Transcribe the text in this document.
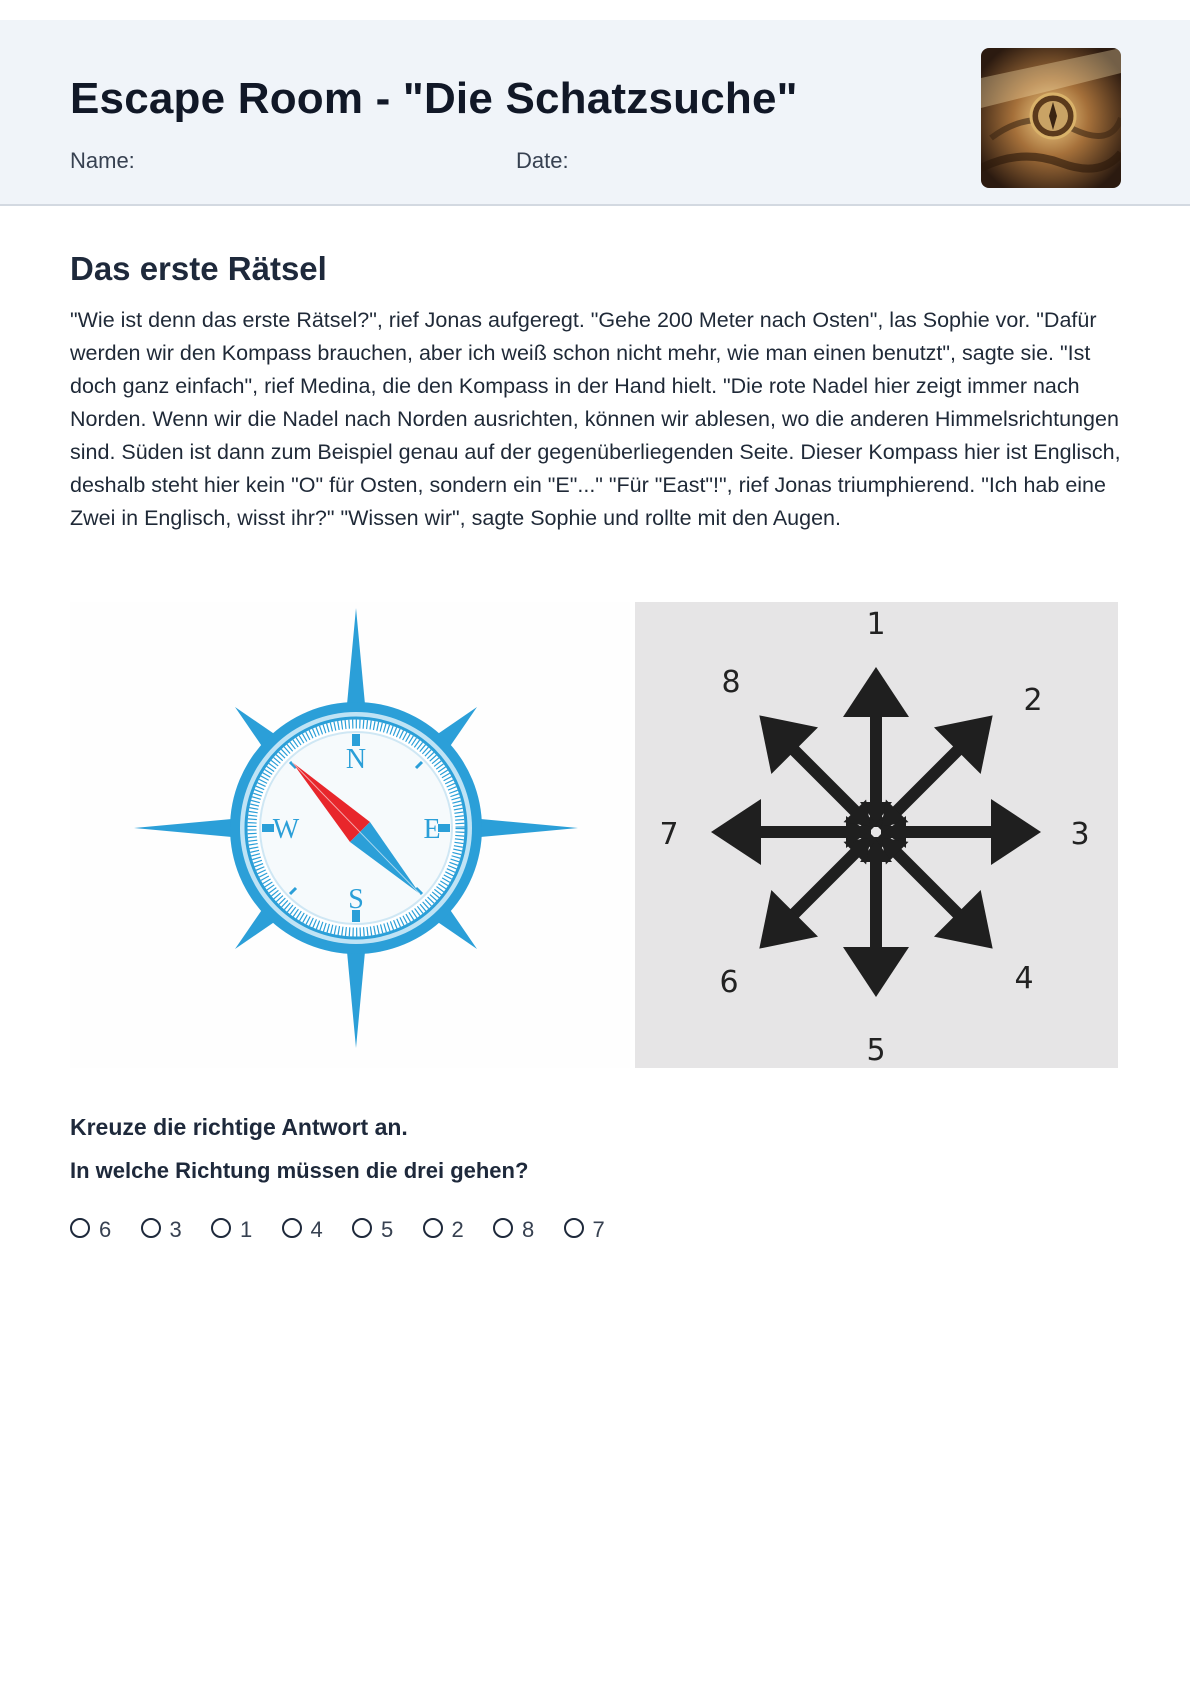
Escape Room - "Die Schatzsuche"
Name:	Date:
Das erste Rätsel

"Wie ist denn das erste Rätsel?", rief Jonas aufgeregt. "Gehe 200 Meter nach Osten", las Sophie vor. "Dafür werden wir den Kompass brauchen, aber ich weiß schon nicht mehr, wie man einen benutzt", sagte sie. "Ist doch ganz einfach", rief Medina, die den Kompass in der Hand hielt. "Die rote Nadel hier zeigt immer nach Norden. Wenn wir die Nadel nach Norden ausrichten, können wir ablesen, wo die anderen Himmelsrichtungen sind. Süden ist dann zum Beispiel genau auf der gegenüberliegenden Seite. Dieser Kompass hier ist Englisch, deshalb steht hier kein "O" für Osten, sondern ein "E"..." "Für "East"!", rief Jonas triumphierend. "Ich hab eine Zwei in Englisch, wisst ihr?" "Wissen wir", sagte Sophie und rollte mit den Augen.

N
S
E
W
1
2
3
4
5
6
7
8

Kreuze die richtige Antwort an.

In welche Richtung müssen die drei gehen?

6	3	1	4	5	2	8	7
